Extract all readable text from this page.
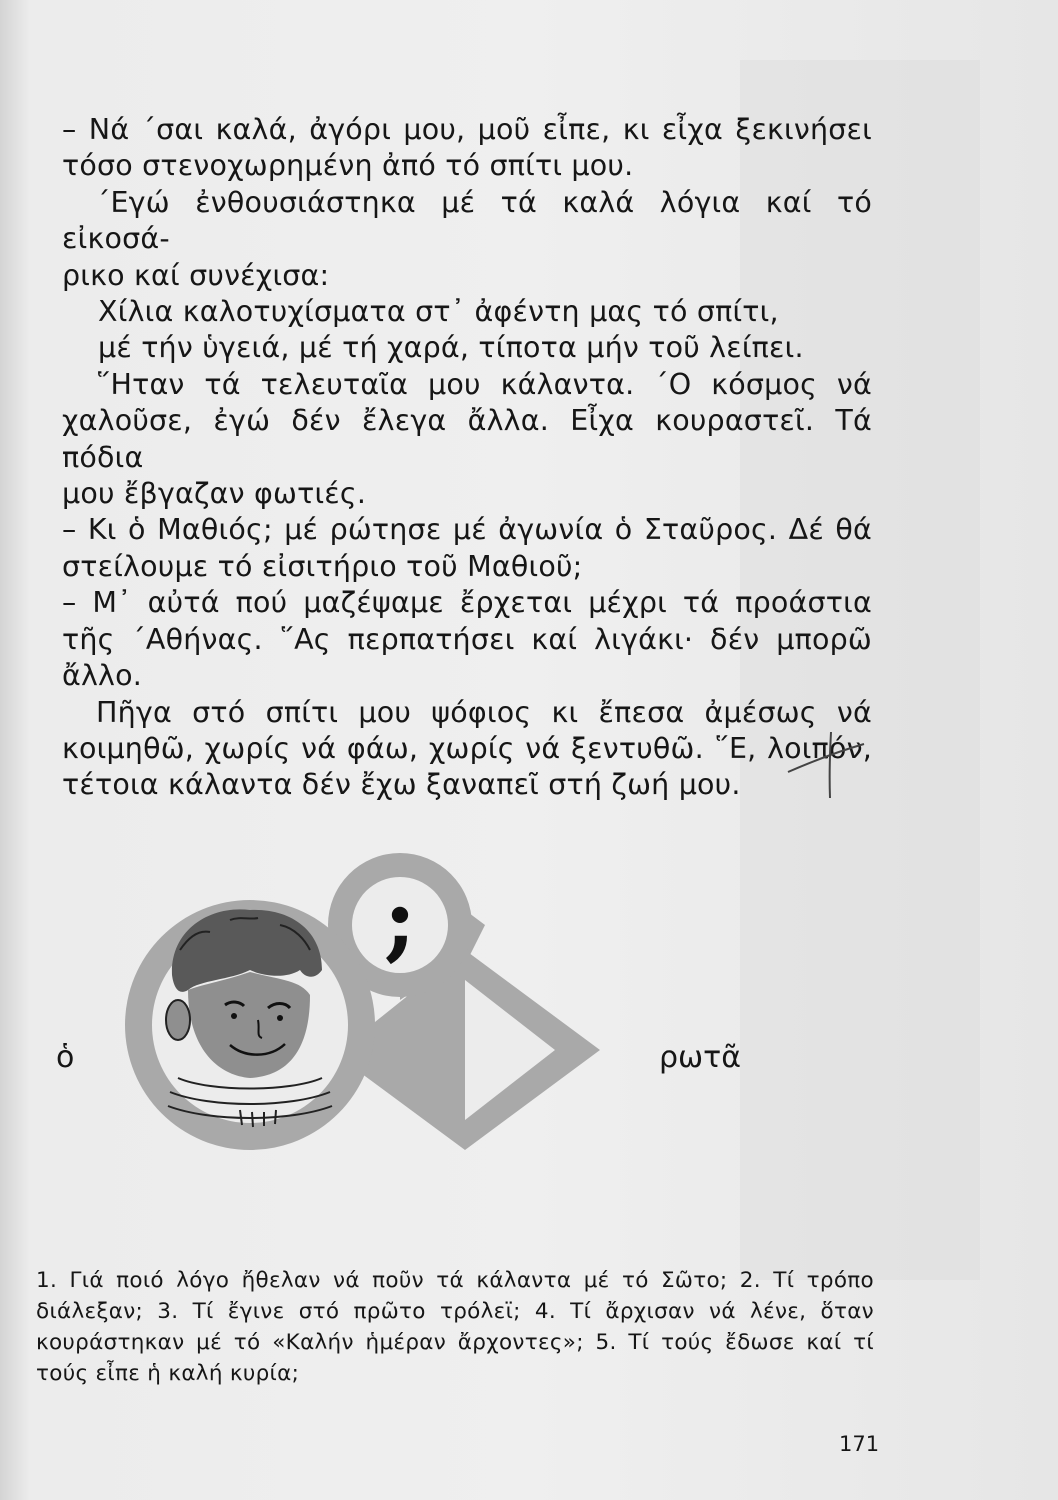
– Νά ΄σαι καλά, ἀγόρι μου, μοῦ εἶπε, κι εἶχα ξεκινήσει

τόσο στενοχωρημένη ἀπό τό σπίτι μου.

΄Εγώ ἐνθουσιάστηκα μέ τά καλά λόγια καί τό εἰκοσά-

ρικο καί συνέχισα:

Χίλια καλοτυχίσματα στ᾽ ἀφέντη μας τό σπίτι,

μέ τήν ὑγειά, μέ τή χαρά, τίποτα μήν τοῦ λείπει.

῞Ηταν τά τελευταῖα μου κάλαντα. ΄Ο κόσμος νά

χαλοῦσε, ἐγώ δέν ἔλεγα ἄλλα. Εἶχα κουραστεῖ. Τά πόδια

μου ἔβγαζαν φωτιές.

– Κι ὁ Μαθιός; μέ ρώτησε μέ ἀγωνία ὁ Σταῦρος. Δέ θά

στείλουμε τό εἰσιτήριο τοῦ Μαθιοῦ;

– Μ᾽ αὐτά πού μαζέψαμε ἔρχεται μέχρι τά προάστια

τῆς ΄Αθήνας. ῞Ας περπατήσει καί λιγάκι· δέν μπορῶ

ἄλλο.

Πῆγα στό σπίτι μου ψόφιος κι ἔπεσα ἀμέσως νά

κοιμηθῶ, χωρίς νά φάω, χωρίς νά ξεντυθῶ. ῞Ε, λοιπόν,

τέτοια κάλαντα δέν ἔχω ξαναπεῖ στή ζωή μου.

;
ὁ	ρωτᾶ

1. Γιά ποιό λόγο ἤθελαν νά ποῦν τά κάλαντα μέ τό Σῶτο; 2. Τί τρόπο διάλεξαν; 3. Τί ἔγινε στό πρῶτο τρόλεϊ; 4. Τί ἄρχισαν νά λένε, ὅταν κουράστηκαν μέ τό «Καλήν ἡμέραν ἄρχοντες»; 5. Τί τούς ἔδωσε καί τί τούς εἶπε ἡ καλή κυρία;

171
